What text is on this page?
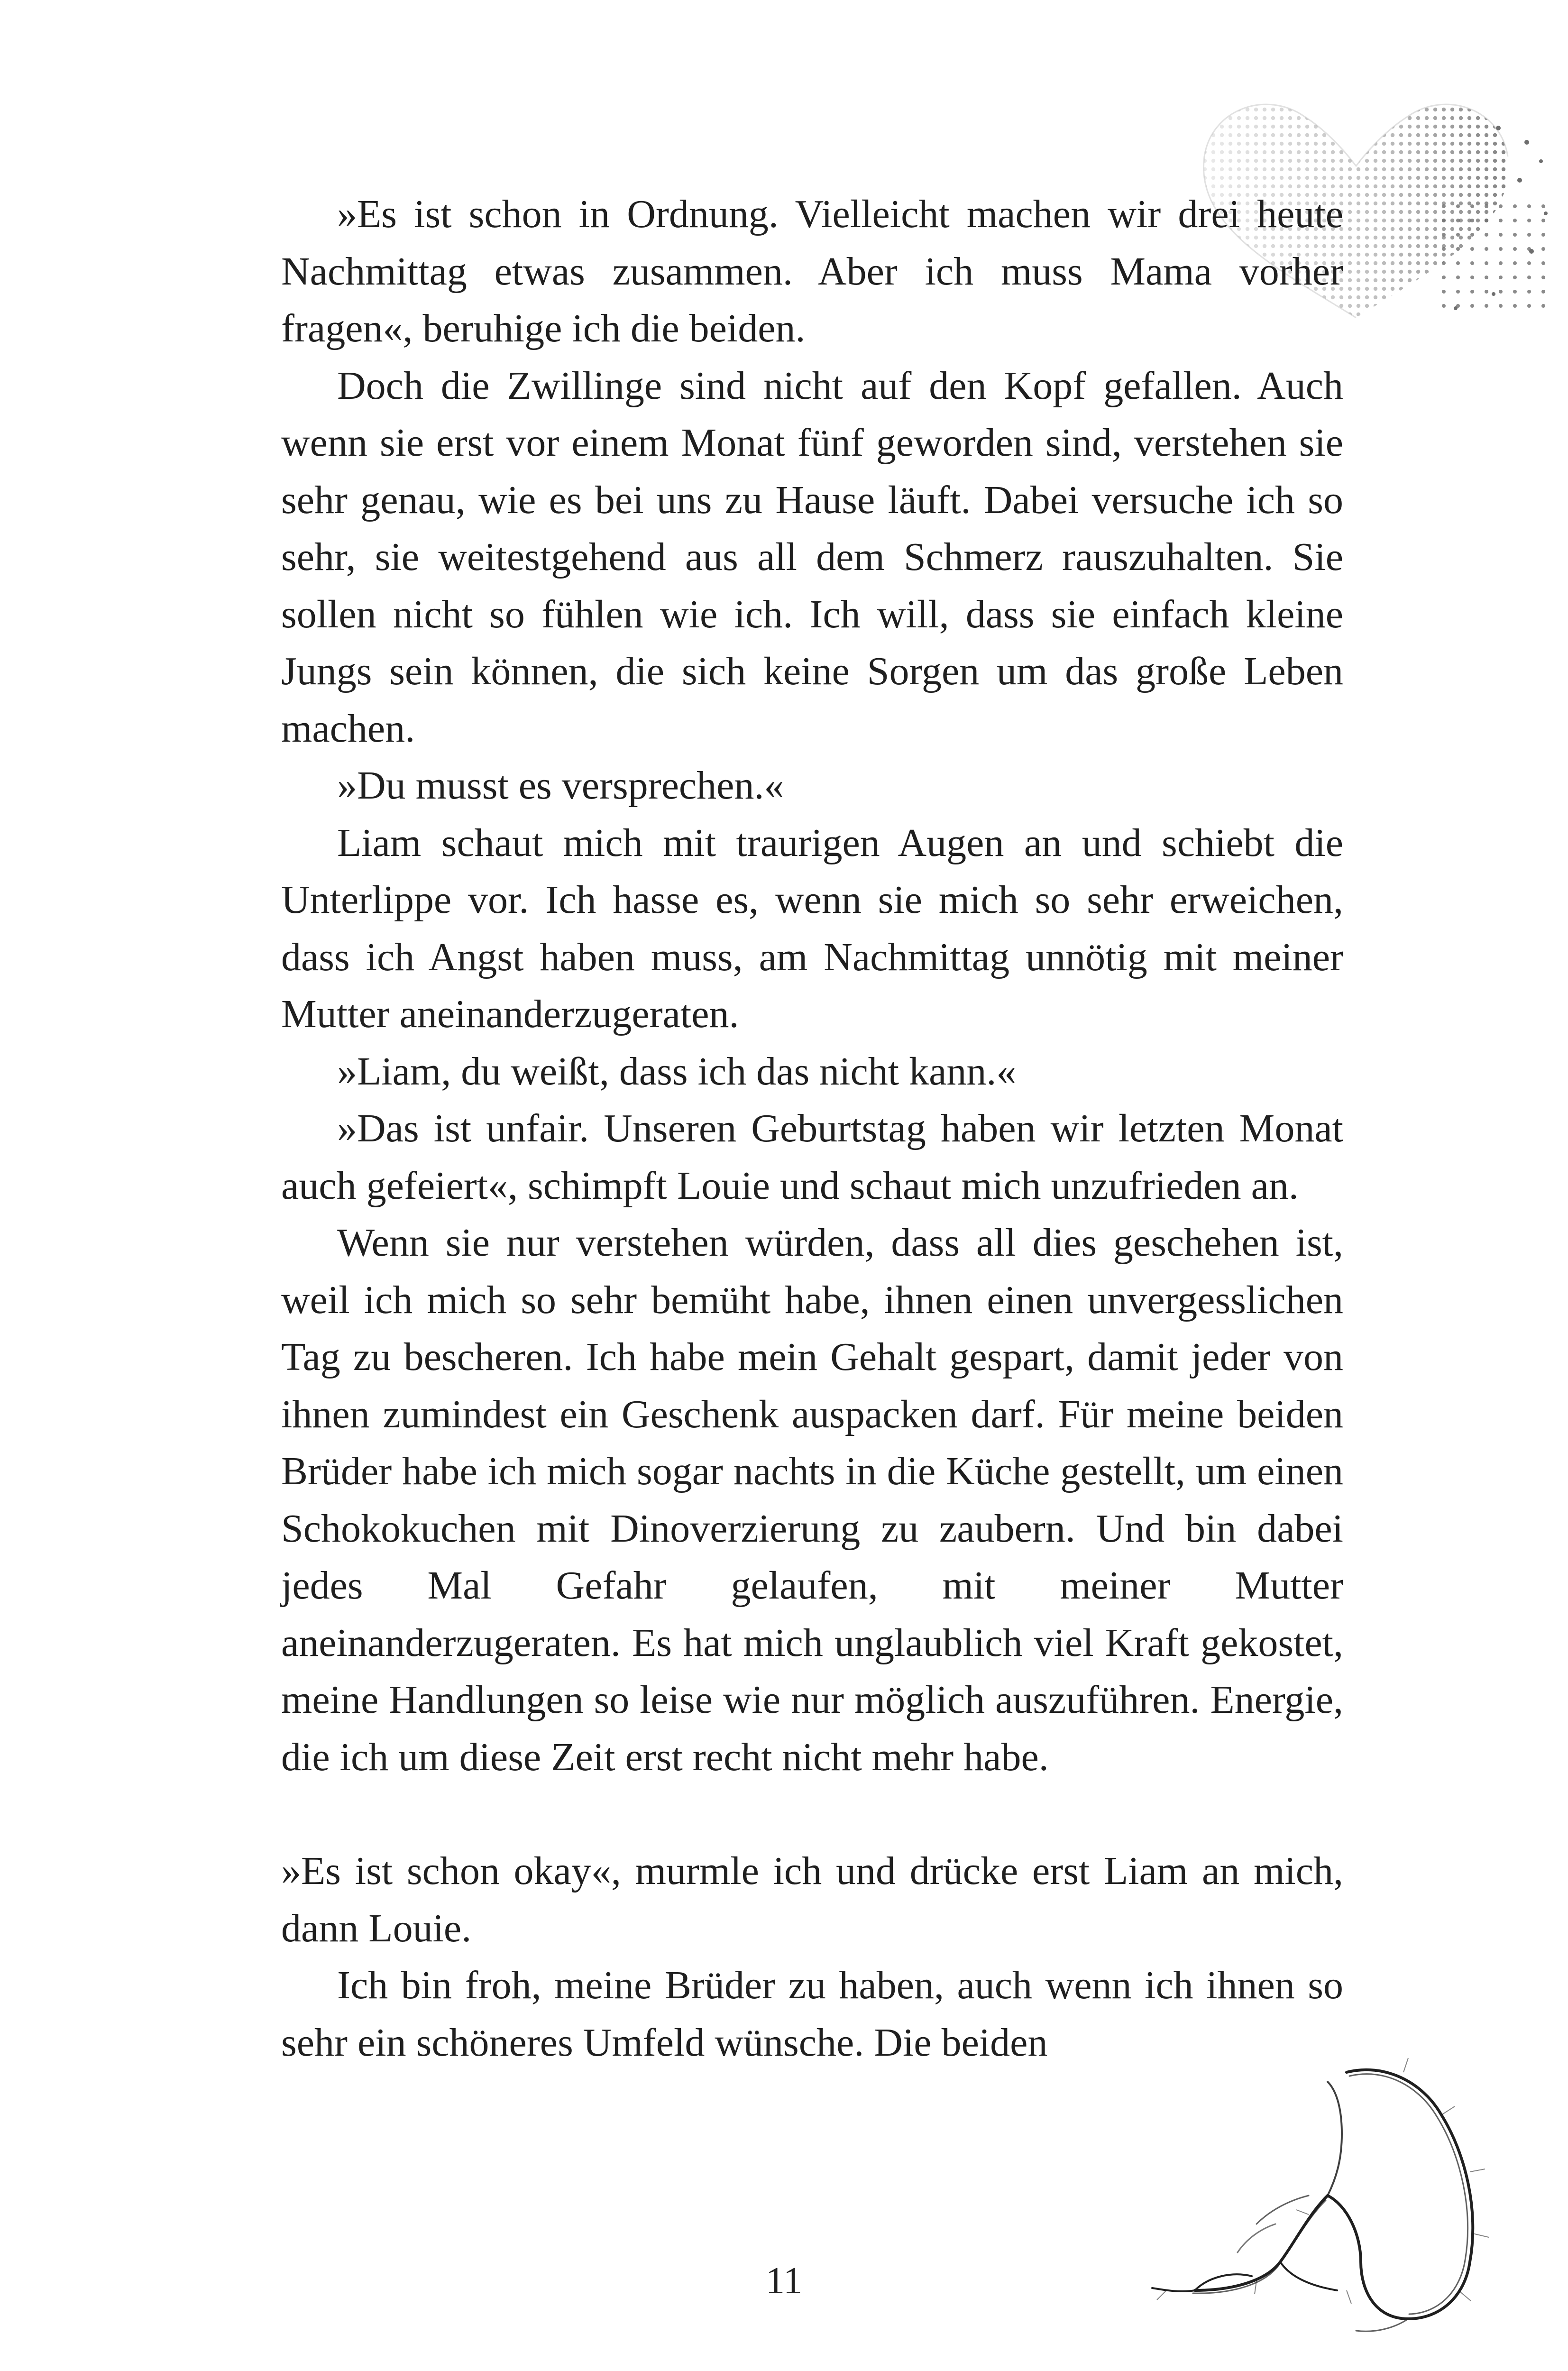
»Es ist schon in Ordnung. Vielleicht machen wir drei heute Nachmittag etwas zusammen. Aber ich muss Mama vorher fragen«, beruhige ich die beiden.

Doch die Zwillinge sind nicht auf den Kopf gefallen. Auch wenn sie erst vor einem Monat fünf geworden sind, verstehen sie sehr genau, wie es bei uns zu Hause läuft. Dabei versuche ich so sehr, sie weitestgehend aus all dem Schmerz rauszuhalten. Sie sollen nicht so fühlen wie ich. Ich will, dass sie einfach kleine Jungs sein können, die sich keine Sorgen um das große Leben machen.

»Du musst es versprechen.«

Liam schaut mich mit traurigen Augen an und schiebt die Unterlippe vor. Ich hasse es, wenn sie mich so sehr erweichen, dass ich Angst haben muss, am Nachmittag unnötig mit meiner Mutter aneinanderzugeraten.

»Liam, du weißt, dass ich das nicht kann.«

»Das ist unfair. Unseren Geburtstag haben wir letzten Monat auch gefeiert«, schimpft Louie und schaut mich unzufrieden an.

Wenn sie nur verstehen würden, dass all dies geschehen ist, weil ich mich so sehr bemüht habe, ihnen einen unvergesslichen Tag zu bescheren. Ich habe mein Gehalt gespart, damit jeder von ihnen zumindest ein Geschenk auspacken darf. Für meine beiden Brüder habe ich mich sogar nachts in die Küche gestellt, um einen Schokokuchen mit Dinoverzierung zu zaubern. Und bin dabei jedes Mal Gefahr gelaufen, mit meiner Mutter aneinanderzugeraten. Es hat mich unglaublich viel Kraft gekostet, meine Handlungen so leise wie nur möglich auszuführen. Energie, die ich um diese Zeit erst recht nicht mehr habe.

»Es ist schon okay«, murmle ich und drücke erst Liam an mich, dann Louie.

Ich bin froh, meine Brüder zu haben, auch wenn ich ihnen so sehr ein schöneres Umfeld wünsche. Die beiden

11
